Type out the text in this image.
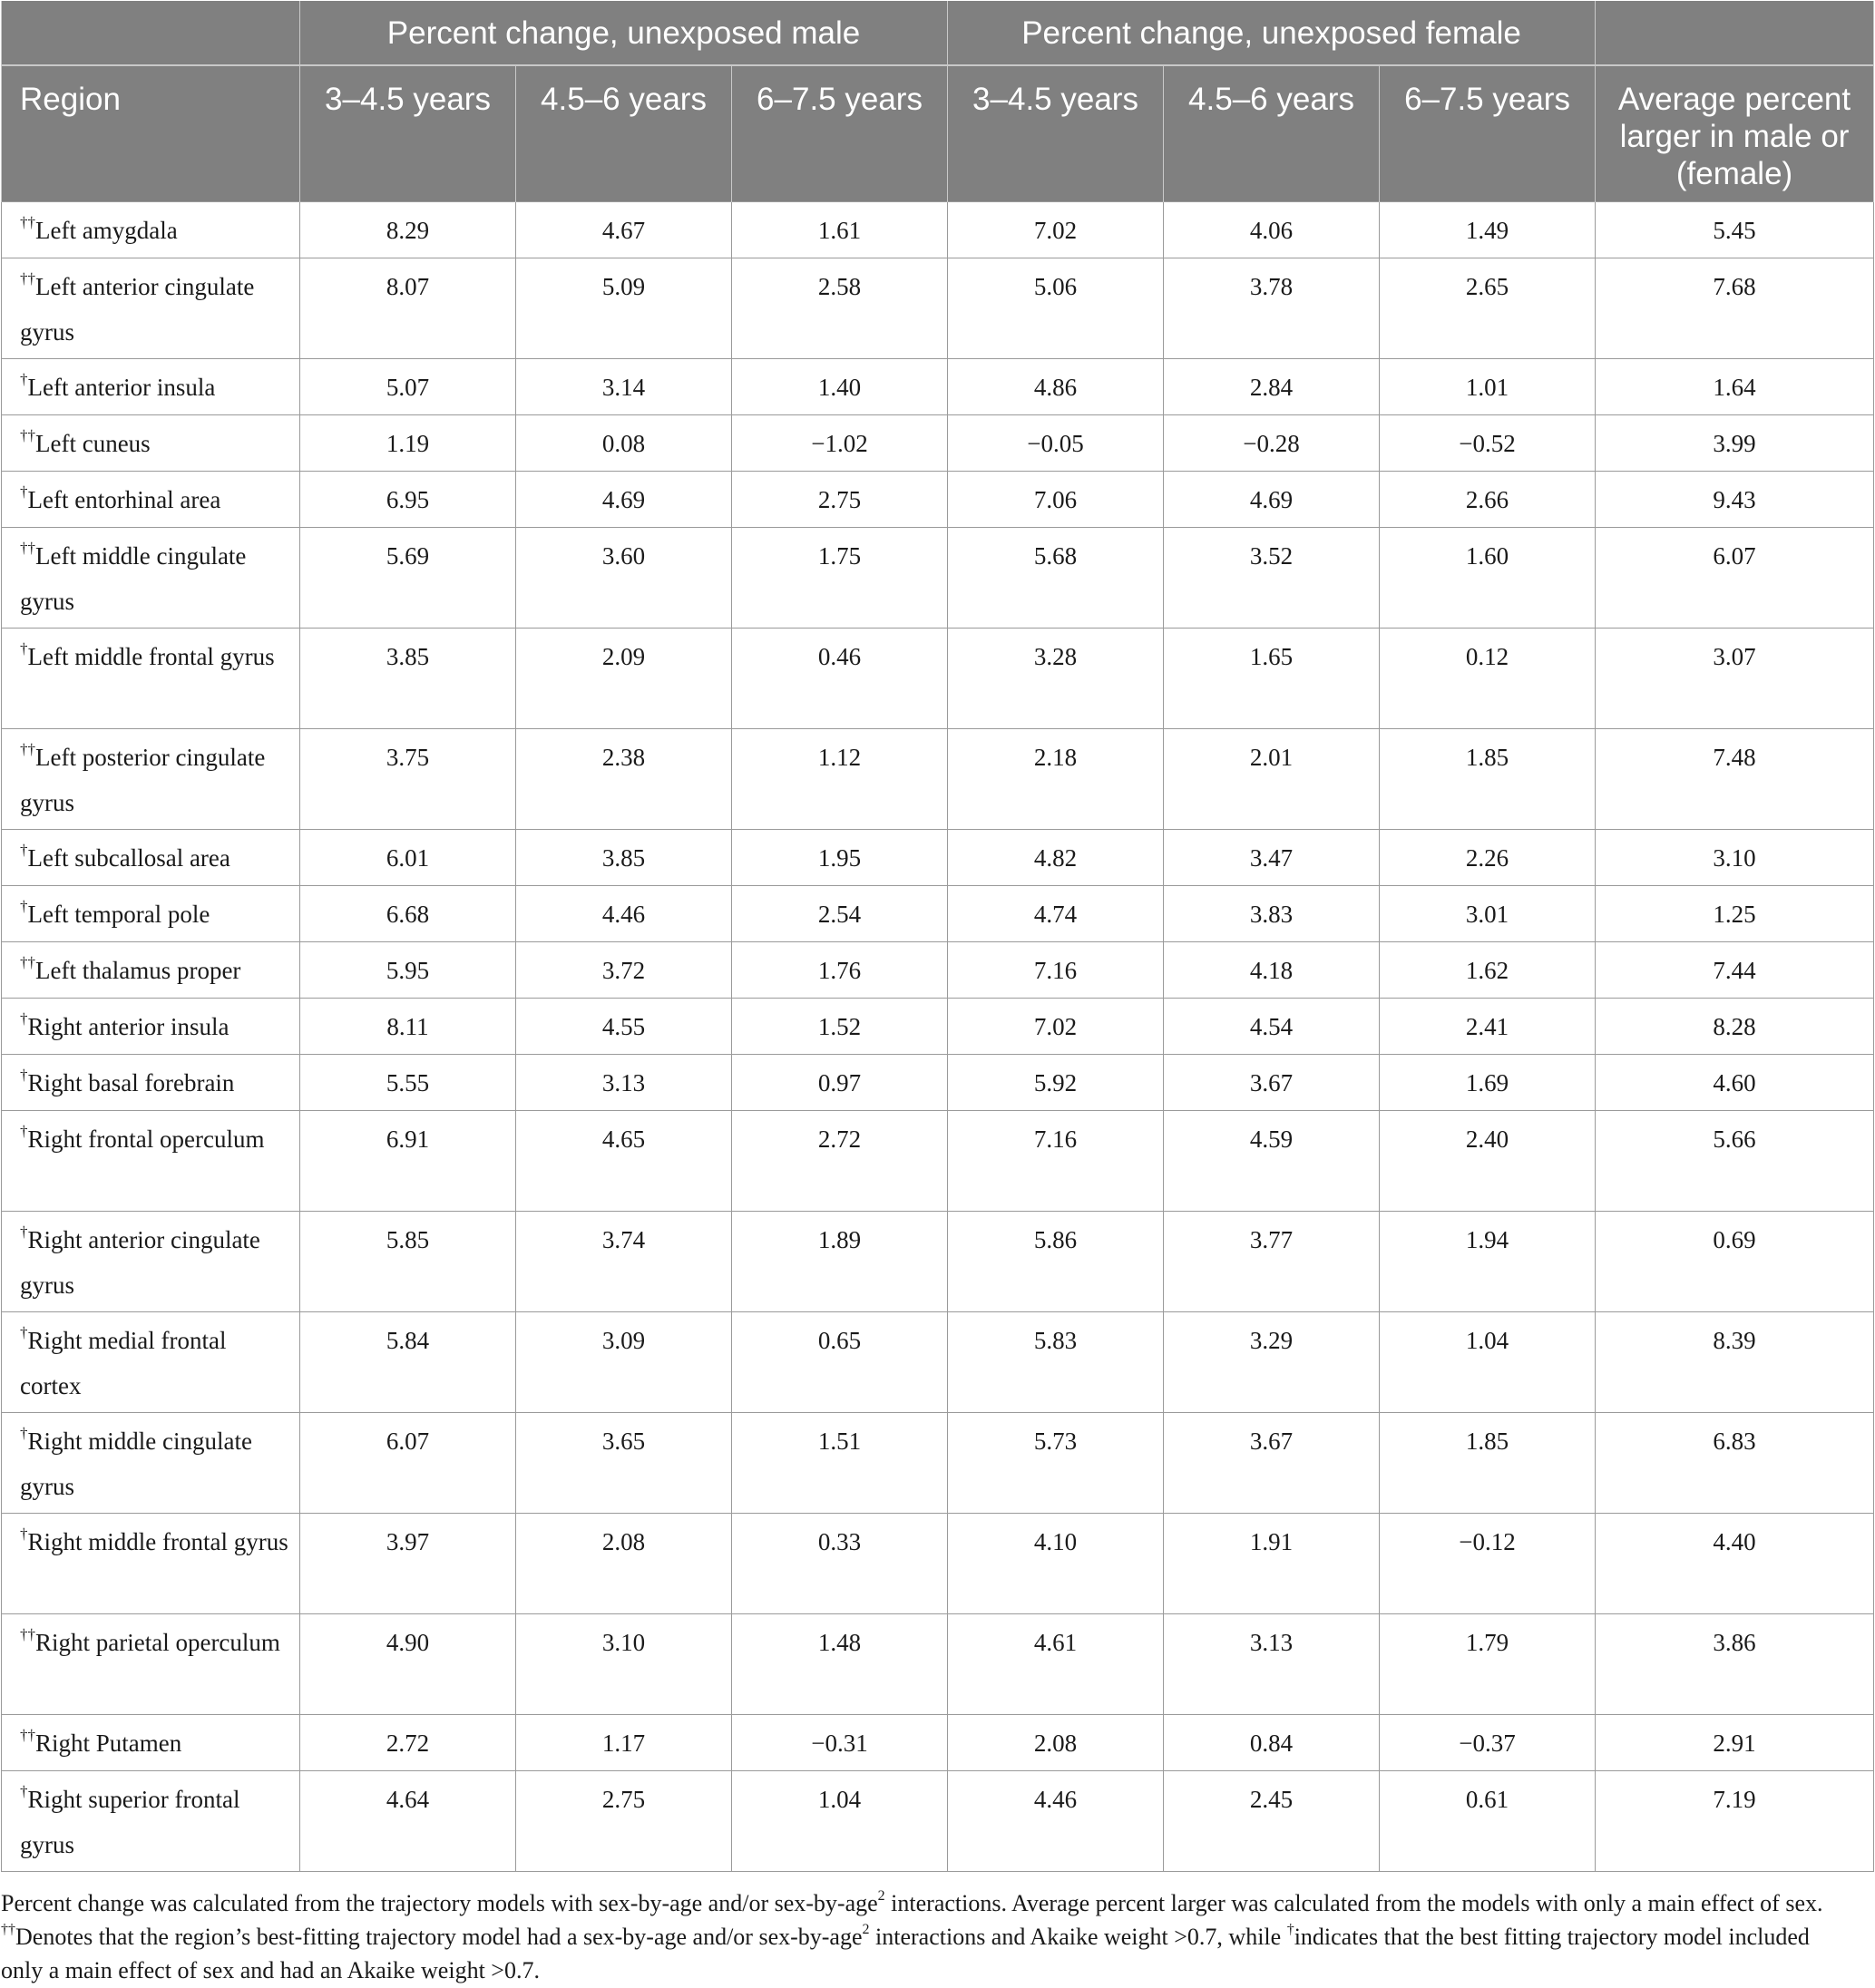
	Percent change, unexposed male			Percent change, unexposed female			
Region	3–4.5 years	4.5–6 years	6–7.5 years	3–4.5 years	4.5–6 years	6–7.5 years	Average percent larger in male or (female)
††Left amygdala	8.29	4.67	1.61	7.02	4.06	1.49	5.45
††Left anterior cingulate gyrus	8.07	5.09	2.58	5.06	3.78	2.65	7.68
†Left anterior insula	5.07	3.14	1.40	4.86	2.84	1.01	1.64
††Left cuneus	1.19	0.08	−1.02	−0.05	−0.28	−0.52	3.99
†Left entorhinal area	6.95	4.69	2.75	7.06	4.69	2.66	9.43
††Left middle cingulate gyrus	5.69	3.60	1.75	5.68	3.52	1.60	6.07
†Left middle frontal gyrus	3.85	2.09	0.46	3.28	1.65	0.12	3.07
††Left posterior cingulate gyrus	3.75	2.38	1.12	2.18	2.01	1.85	7.48
†Left subcallosal area	6.01	3.85	1.95	4.82	3.47	2.26	3.10
†Left temporal pole	6.68	4.46	2.54	4.74	3.83	3.01	1.25
††Left thalamus proper	5.95	3.72	1.76	7.16	4.18	1.62	7.44
†Right anterior insula	8.11	4.55	1.52	7.02	4.54	2.41	8.28
†Right basal forebrain	5.55	3.13	0.97	5.92	3.67	1.69	4.60
†Right frontal operculum	6.91	4.65	2.72	7.16	4.59	2.40	5.66
†Right anterior cingulate gyrus	5.85	3.74	1.89	5.86	3.77	1.94	0.69
†Right medial frontal cortex	5.84	3.09	0.65	5.83	3.29	1.04	8.39
†Right middle cingulate gyrus	6.07	3.65	1.51	5.73	3.67	1.85	6.83
†Right middle frontal gyrus	3.97	2.08	0.33	4.10	1.91	−0.12	4.40
††Right parietal operculum	4.90	3.10	1.48	4.61	3.13	1.79	3.86
††Right Putamen	2.72	1.17	−0.31	2.08	0.84	−0.37	2.91
†Right superior frontal gyrus	4.64	2.75	1.04	4.46	2.45	0.61	7.19
Percent change was calculated from the trajectory models with sex-by-age and/or sex-by-age$^2$ interactions. Average percent larger was calculated from the models with only a main effect of sex. ††Denotes that the region’s best-fitting trajectory model had a sex-by-age and/or sex-by-age$^2$ interactions and Akaike weight >0.7, while †indicates that the best fitting trajectory model included only a main effect of sex and had an Akaike weight >0.7.
